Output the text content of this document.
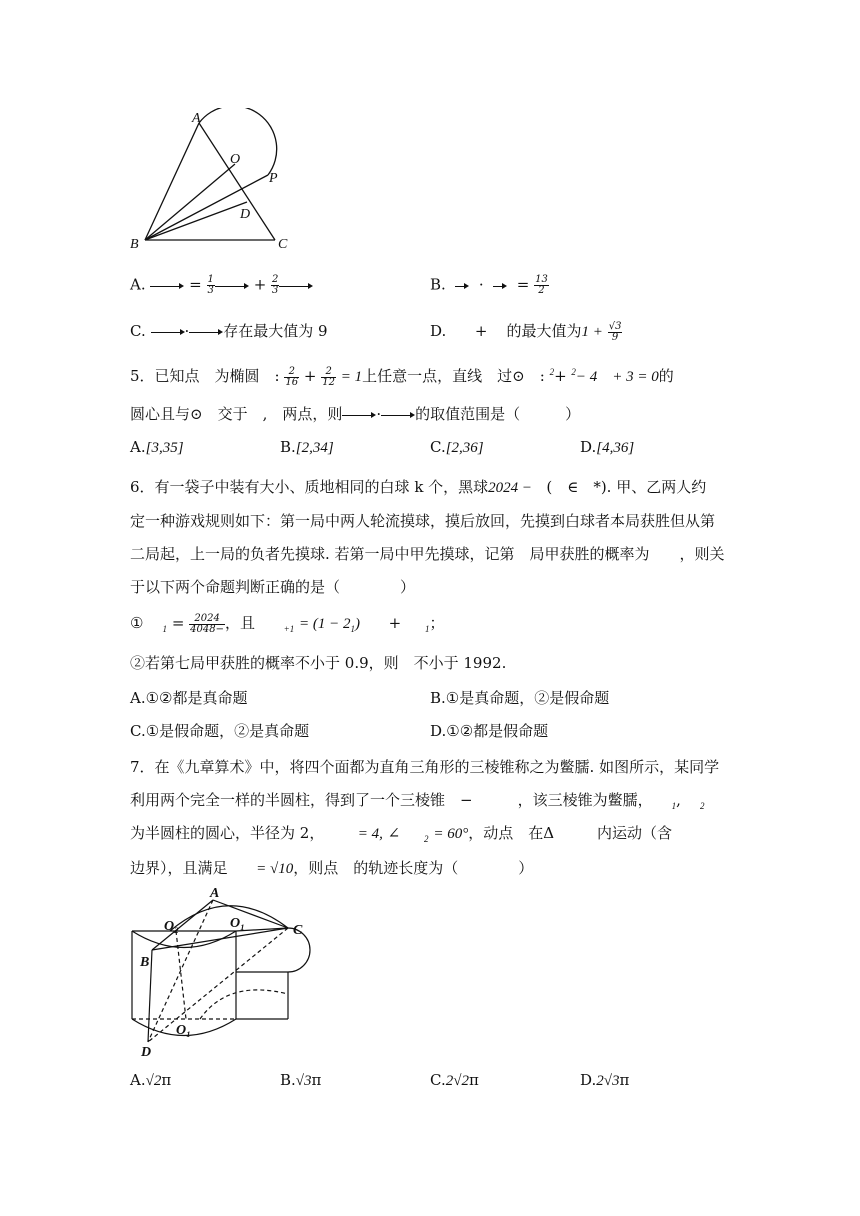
A
O
P
D
B	C
A.	= $\frac{1}{3}$	+ $\frac{2}{3}$	B. · = $\frac{13}{2}$
C.	· 存在最大值为 9	D. + 的最大值为$1 + \frac{√3}{9}$
5．已知点　为椭圆　: $\frac{2}{16} + \frac{2}{12} = 1$上任意一点，直线　过⊙　: $^2$+ $^2$− 4　+ 3 = 0的
圆心且与⊙　交于　,　两点，则 · 的取值范围是（　　　）
A.[3,35]	B.[2,34]	C.[2,36]	D.[4,36]
6．有一袋子中装有大小、质地相同的白球 k 个，黑球2024 − (　∈　*). 甲、乙两人约
定一种游戏规则如下：第一局中两人轮流摸球，摸后放回，先摸到白球者本局获胜但从第
二局起，上一局的负者先摸球. 若第一局中甲先摸球，记第　局甲获胜的概率为　　，则关
于以下两个命题判断正确的是（　　　　）
① $_1 = \frac{2024}{4048-}$ ，且	$_{+1} = (1 - 2_1)$ +	$_1$；
②若第七局甲获胜的概率不小于 0.9，则　不小于 1992.
A.①②都是真命题	B.①是真命题，②是假命题
C.①是假命题，②是真命题	D.①②都是假命题
7．在《九章算术》中，将四个面都为直角三角形的三棱锥称之为鳖臑. 如图所示，某同学
利用两个完全一样的半圆柱，得到了一个三棱锥　−　　　，该三棱锥为鳖臑， $_1$,    $_2$
为半圆柱的圆心，半径为 2， = 4, ∠	$_2$ = 60°，动点　在Δ	内运动（含
边界），且满足 = √10，则点　的轨迹长度为（　　　　）
A
O₂	O₁	C
B
O₁
D
A.√2π	B.√3π	C.2√2π	D.2√3π
